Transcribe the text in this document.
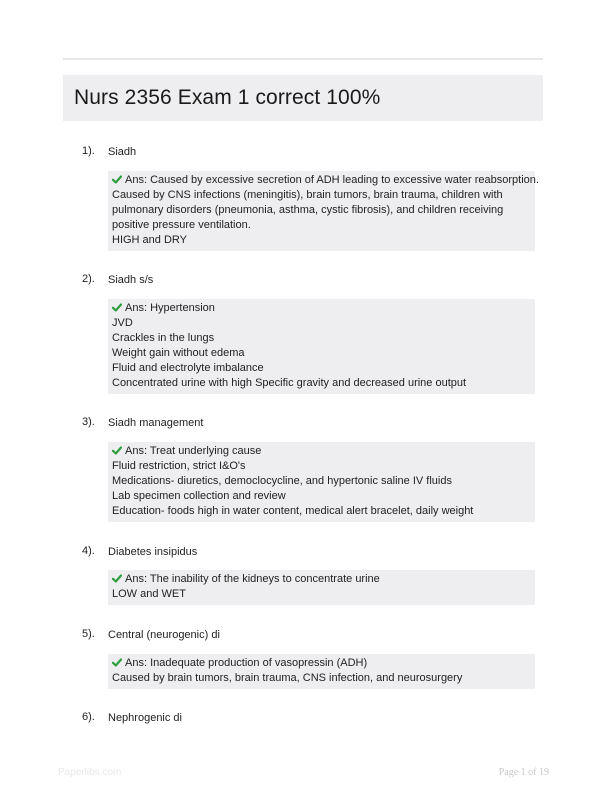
Nurs 2356 Exam 1 correct 100%
1). Siadh
Ans: Caused by excessive secretion of ADH leading to excessive water reabsorption.
Caused by CNS infections (meningitis), brain tumors, brain trauma, children with
pulmonary disorders (pneumonia, asthma, cystic fibrosis), and children receiving
positive pressure ventilation.
HIGH and DRY
2). Siadh s/s
Ans: Hypertension
JVD
Crackles in the lungs
Weight gain without edema
Fluid and electrolyte imbalance
Concentrated urine with high Specific gravity and decreased urine output
3). Siadh management
Ans: Treat underlying cause
Fluid restriction, strict I&O's
Medications- diuretics, democlocycline, and hypertonic saline IV fluids
Lab specimen collection and review
Education- foods high in water content, medical alert bracelet, daily weight
4). Diabetes insipidus
Ans: The inability of the kidneys to concentrate urine
LOW and WET
5). Central (neurogenic) di
Ans: Inadequate production of vasopressin (ADH)
Caused by brain tumors, brain trauma, CNS infection, and neurosurgery
6). Nephrogenic di
Paperlibs.com	Page 1 of 19
